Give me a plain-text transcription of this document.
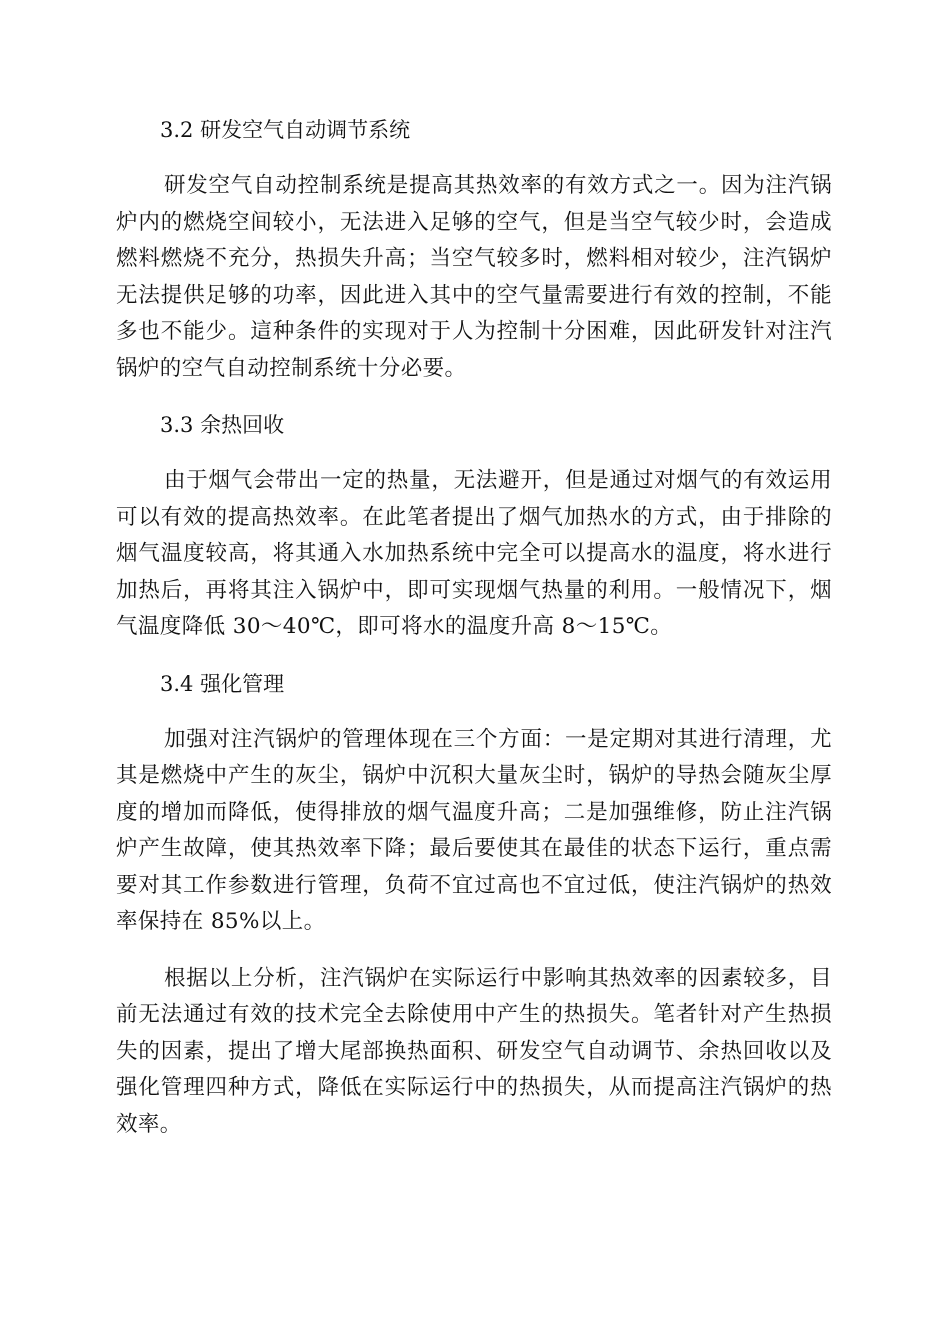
3.2 研发空气自动调节系统

研发空气自动控制系统是提高其热效率的有效方式之一。因为注汽锅炉内的燃烧空间较小，无法进入足够的空气，但是当空气较少时，会造成燃料燃烧不充分，热损失升高；当空气较多时，燃料相对较少，注汽锅炉无法提供足够的功率，因此进入其中的空气量需要进行有效的控制，不能多也不能少。這种条件的实现对于人为控制十分困难，因此研发针对注汽锅炉的空气自动控制系统十分必要。

3.3 余热回收

由于烟气会带出一定的热量，无法避开，但是通过对烟气的有效运用可以有效的提高热效率。在此笔者提出了烟气加热水的方式，由于排除的烟气温度较高，将其通入水加热系统中完全可以提高水的温度，将水进行加热后，再将其注入锅炉中，即可实现烟气热量的利用。一般情况下，烟气温度降低 30～40℃，即可将水的温度升高 8～15℃。

3.4 强化管理

加强对注汽锅炉的管理体现在三个方面：一是定期对其进行清理，尤其是燃烧中产生的灰尘，锅炉中沉积大量灰尘时，锅炉的导热会随灰尘厚度的增加而降低，使得排放的烟气温度升高；二是加强维修，防止注汽锅炉产生故障，使其热效率下降；最后要使其在最佳的状态下运行，重点需要对其工作参数进行管理，负荷不宜过高也不宜过低，使注汽锅炉的热效率保持在 85%以上。

根据以上分析，注汽锅炉在实际运行中影响其热效率的因素较多，目前无法通过有效的技术完全去除使用中产生的热损失。笔者针对产生热损失的因素，提出了增大尾部换热面积、研发空气自动调节、余热回收以及强化管理四种方式，降低在实际运行中的热损失，从而提高注汽锅炉的热效率。
